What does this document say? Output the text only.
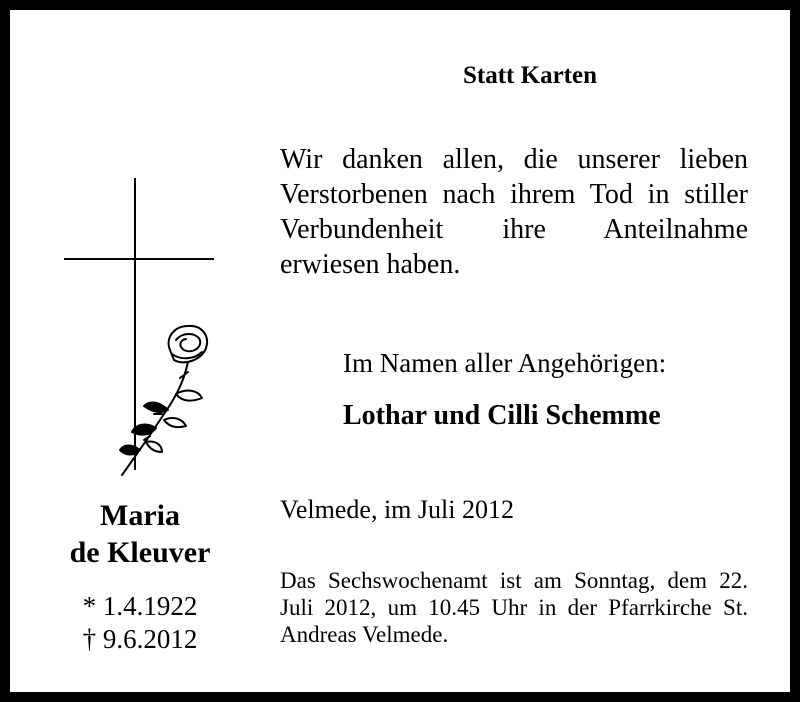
Statt Karten

Wir danken allen, die unserer lieben Verstorbenen nach ihrem Tod in stiller Verbundenheit ihre Anteilnahme erwiesen haben.

Im Namen aller Angehörigen:
Lothar und Cilli Schemme
Velmede, im Juli 2012

Das Sechswochenamt ist am Sonntag, dem 22. Juli 2012, um 10.45 Uhr in der Pfarrkirche St. Andreas Velmede.

Maria
de Kleuver
* 1.4.1922
† 9.6.2012
